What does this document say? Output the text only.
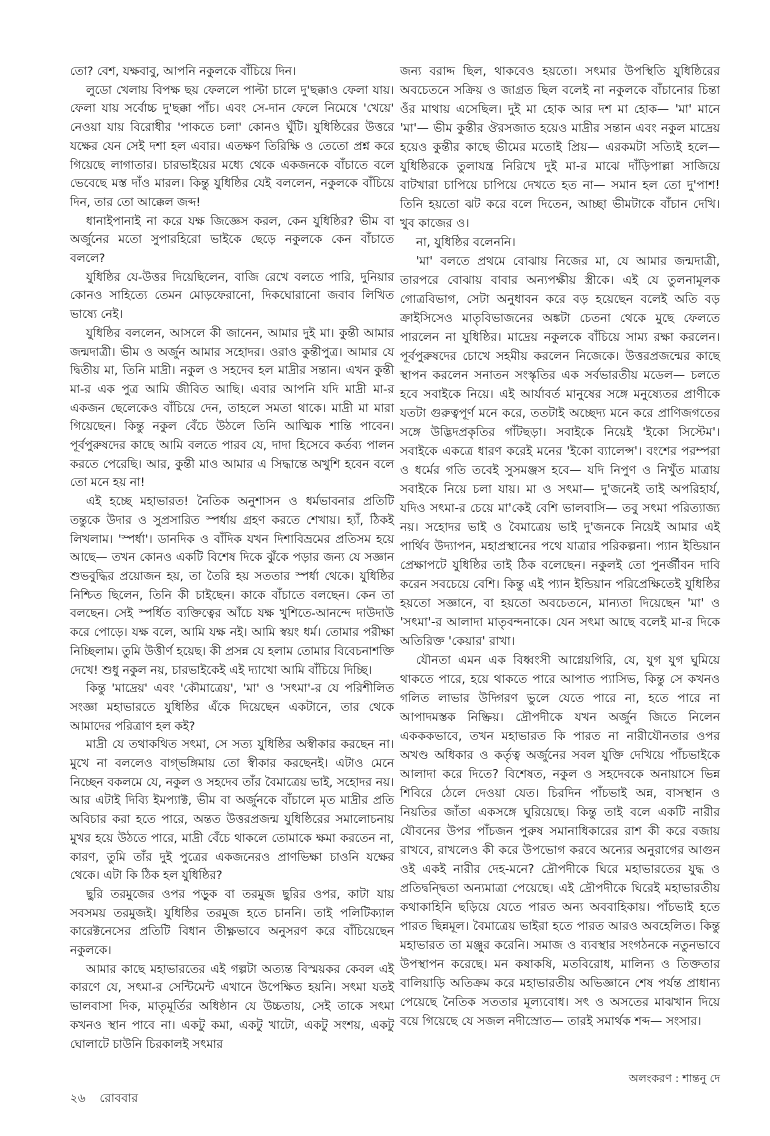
তো? বেশ, যক্ষবাবু, আপনি নকুলকে বাঁচিয়ে দিন।

লুডো খেলায় বিপক্ষ ছয় ফেললে পাল্টা চালে দু'ছক্কাও ফেলা যায়। ফেলা যায় সর্বোচ্চ দু'ছক্কা পাঁচ। এবং সে-দান ফেলে নিমেষে 'খেয়ে' নেওয়া যায় বিরোধীর 'পাকতে চলা' কোনও ঘুঁটি। যুধিষ্ঠিরের উত্তরে যক্ষের যেন সেই দশা হল এবার। এতক্ষণ তিরিক্ষি ও তেতো প্রশ্ন করে গিয়েছে লাগাতার। চারভাইয়ের মধ্যে থেকে একজনকে বাঁচাতে বলে ভেবেছে মস্ত দাঁও মারল। কিন্তু যুধিষ্ঠির যেই বললেন, নকুলকে বাঁচিয়ে দিন, তার তো আক্কেল জব্দ!

ধানাইপানাই না করে যক্ষ জিজ্ঞেস করল, কেন যুধিষ্ঠির? ভীম বা অর্জুনের মতো সুপারহিরো ভাইকে ছেড়ে নকুলকে কেন বাঁচাতে বললে?

যুধিষ্ঠির যে-উত্তর দিয়েছিলেন, বাজি রেখে বলতে পারি, দুনিয়ার কোনও সাহিত্যে তেমন মোড়ফেরানো, দিকঘোরানো জবাব লিখিত ভাষ্যে নেই।

যুধিষ্ঠির বললেন, আসলে কী জানেন, আমার দুই মা। কুন্তী আমার জন্মদাত্রী। ভীম ও অর্জুন আমার সহোদর। ওরাও কুন্তীপুত্র। আমার যে দ্বিতীয় মা, তিনি মাদ্রী। নকুল ও সহদেব হল মাদ্রীর সন্তান। এখন কুন্তী মা-র এক পুত্র আমি জীবিত আছি। এবার আপনি যদি মাদ্রী মা-র একজন ছেলেকেও বাঁচিয়ে দেন, তাহলে সমতা থাকে। মাদ্রী মা মারা গিয়েছেন। কিন্তু নকুল বেঁচে উঠলে তিনি আত্মিক শান্তি পাবেন। পূর্বপুরুষদের কাছে আমি বলতে পারব যে, দাদা হিসেবে কর্তব্য পালন করতে পেরেছি। আর, কুন্তী মাও আমার এ সিদ্ধান্তে অখুশি হবেন বলে তো মনে হয় না!

এই হচ্ছে মহাভারত! নৈতিক অনুশাসন ও ধর্মভাবনার প্রতিটি তন্তুকে উদার ও সুপ্রসারিত স্পর্ধায় গ্রহণ করতে শেখায়। হ্যাঁ, ঠিকই লিখলাম। 'স্পর্ধা'। ডানদিক ও বাঁদিক যখন দিশাবিভ্রমের প্রতিসম হয়ে আছে— তখন কোনও একটি বিশেষ দিকে ঝুঁকে পড়ার জন্য যে সজ্ঞান শুভবুদ্ধির প্রয়োজন হয়, তা তৈরি হয় সততার স্পর্ধা থেকে। যুধিষ্ঠির নিশ্চিত ছিলেন, তিনি কী চাইছেন। কাকে বাঁচাতে বলছেন। কেন তা বলছেন। সেই স্পর্ধিত ব্যক্তিত্বের আঁচে যক্ষ খুশিতে-আনন্দে দাউদাউ করে পোড়ে। যক্ষ বলে, আমি যক্ষ নই। আমি স্বয়ং ধর্ম। তোমার পরীক্ষা নিচ্ছিলাম। তুমি উত্তীর্ণ হয়েছ। কী প্রসন্ন যে হলাম তোমার বিবেচনাশক্তি দেখে! শুধু নকুল নয়, চারভাইকেই এই দ্যাখো আমি বাঁচিয়ে দিচ্ছি।

কিন্তু 'মাদ্রেয়' এবং 'কৌমাত্রেয়', 'মা' ও 'সৎমা'-র যে পরিশীলিত সংজ্ঞা মহাভারতে যুধিষ্ঠির এঁকে দিয়েছেন একটানে, তার থেকে আমাদের পরিত্রাণ হল কই?

মাদ্রী যে তথাকথিত সৎমা, সে সত্য যুধিষ্ঠির অস্বীকার করছেন না। মুখে না বললেও বাগ্ভঙ্গিমায় তো স্বীকার করছেনই। এটাও মেনে নিচ্ছেন বকলমে যে, নকুল ও সহদেব তাঁর বৈমাত্রেয় ভাই, সহোদর নয়। আর এটাই দিব্যি ইমপ্যাক্ট, ভীম বা অর্জুনকে বাঁচালে মৃত মাদ্রীর প্রতি অবিচার করা হতে পারে, অন্তত উত্তরপ্রজন্ম যুধিষ্ঠিরের সমালোচনায় মুখর হয়ে উঠতে পারে, মাদ্রী বেঁচে থাকলে তোমাকে ক্ষমা করতেন না, কারণ, তুমি তাঁর দুই পুত্রের একজনেরও প্রাণভিক্ষা চাওনি যক্ষের থেকে। এটা কি ঠিক হল যুধিষ্ঠির?

ছুরি তরমুজের ওপর পড়ুক বা তরমুজ ছুরির ওপর, কাটা যায় সবসময় তরমুজই। যুধিষ্ঠির তরমুজ হতে চাননি। তাই পলিটিক্যাল কারেক্টনেসের প্রতিটি বিধান তীক্ষ্ণভাবে অনুসরণ করে বাঁচিয়েছেন নকুলকে।

আমার কাছে মহাভারতের এই গল্পটা অত্যন্ত বিস্ময়কর কেবল এই কারণে যে, সৎমা-র সেন্টিমেন্ট এখানে উপেক্ষিত হয়নি। সৎমা যতই ভালবাসা দিক, মাতৃমূর্তির অধিষ্ঠান যে উচ্চতায়, সেই তাকে সৎমা কখনও স্থান পাবে না। একটু কমা, একটু খাটো, একটু সংশয়, একটু ঘোলাটে চাউনি চিরকালই সৎমার

জন্য বরাদ্দ ছিল, থাকবেও হয়তো। সৎমার উপস্থিতি যুধিষ্ঠিরের অবচেতনে সক্রিয় ও জাগ্রত ছিল বলেই না নকুলকে বাঁচানোর চিন্তা ওঁর মাথায় এসেছিল। দুই মা হোক আর দশ মা হোক— 'মা' মানে 'মা'— ভীম কুন্তীর ঔরসজাত হয়েও মাদ্রীর সন্তান এবং নকুল মাদ্রেয় হয়েও কুন্তীর কাছে ভীমের মতোই প্রিয়— এরকমটা সত্যিই হলে— যুধিষ্ঠিরকে তুলাযন্ত্র নিরিখে দুই মা-র মাঝে দাঁড়িপাল্লা সাজিয়ে বাটখারা চাপিয়ে চাপিয়ে দেখতে হত না— সমান হল তো দু'পাশ! তিনি হয়তো ঝট করে বলে দিতেন, আচ্ছা ভীমটাকে বাঁচান দেখি। খুব কাজের ও।

না, যুধিষ্ঠির বলেননি।

'মা' বলতে প্রথমে বোঝায় নিজের মা, যে আমার জন্মদাত্রী, তারপরে বোঝায় বাবার অন্যপক্ষীয় স্ত্রীকে। এই যে তুলনামূলক গোত্রবিভাগ, সেটা অনুধাবন করে বড় হয়েছেন বলেই অতি বড় ক্রাইসিসেও মাতৃবিভাজনের অঙ্কটা চেতনা থেকে মুছে ফেলতে পারলেন না যুধিষ্ঠির। মাদ্রেয় নকুলকে বাঁচিয়ে সাম্য রক্ষা করলেন। পূর্বপুরুষদের চোখে সহমীয় করলেন নিজেকে। উত্তরপ্রজন্মের কাছে স্থাপন করলেন সনাতন সংস্কৃতির এক সর্বভারতীয় মডেল— চলতে হবে সবাইকে নিয়ে। এই আর্যাবর্ত মানুষের সঙ্গে মনুষ্যেতর প্রাণীকে যতটা গুরুত্বপূর্ণ মনে করে, ততটাই অচ্ছেদ্য মনে করে প্রাণিজগতের সঙ্গে উদ্ভিদপ্রকৃতির গাঁটছড়া। সবাইকে নিয়েই 'ইকো সিস্টেম'। সবাইকে একত্রে ধারণ করেই মনের 'ইকো ব্যালেন্স'। বংশের পরম্পরা ও ধর্মের গতি তবেই সুসমঞ্জস হবে— যদি নিপুণ ও নিখুঁত মাত্রায় সবাইকে নিয়ে চলা যায়। মা ও সৎমা— দু'জনেই তাই অপরিহার্য, যদিও সৎমা-র চেয়ে মা'কেই বেশি ভালবাসি— তবু সৎমা পরিত্যাজ্য নয়। সহোদর ভাই ও বৈমাত্রেয় ভাই দু'জনকে নিয়েই আমার এই পার্থিব উদ্যাপন, মহাপ্রস্থানের পথে যাত্রার পরিকল্পনা। প্যান ইন্ডিয়ান প্রেক্ষাপটে যুধিষ্ঠির তাই ঠিক বলেছেন। নকুলই তো পুনর্জীবন দাবি করেন সবচেয়ে বেশি। কিন্তু এই প্যান ইন্ডিয়ান পরিপ্রেক্ষিতেই যুধিষ্ঠির হয়তো সজ্ঞানে, বা হয়তো অবচেতনে, মান্যতা দিয়েছেন 'মা' ও 'সৎমা'-র আলাদা মাতৃবন্দনাকে। যেন সৎমা আছে বলেই মা-র দিকে অতিরিক্ত 'কেয়ার' রাখা।

যৌনতা এমন এক বিধ্বংসী আগ্নেয়গিরি, যে, যুগ যুগ ঘুমিয়ে থাকতে পারে, হয়ে থাকতে পারে আপাত প্যাসিভ, কিন্তু সে কখনও গলিত লাভার উদ্গিরণ ভুলে যেতে পারে না, হতে পারে না আপাদমস্তক নিষ্ক্রিয়। দ্রৌপদীকে যখন অর্জুন জিতে নিলেন একককভাবে, তখন মহাভারত কি পারত না নারীযৌনতার ওপর অখণ্ড অধিকার ও কর্তৃত্ব অর্জুনের সবল যুক্তি দেখিয়ে পাঁচভাইকে আলাদা করে দিতে? বিশেষত, নকুল ও সহদেবকে অনায়াসে ভিন্ন শিবিরে ঠেলে দেওয়া যেত। চিরদিন পাঁচভাই অন্ন, বাসস্থান ও নিয়তির জাঁতা একসঙ্গে ঘুরিয়েছে। কিন্তু তাই বলে একটি নারীর যৌবনের উপর পাঁচজন পুরুষ সমানাধিকারের রাশ কী করে বজায় রাখবে, রাখলেও কী করে উপভোগ করবে অন্যের অনুরাগের আগুন ওই একই নারীর দেহ-মনে? দ্রৌপদীকে ঘিরে মহাভারতের যুদ্ধ ও প্রতিদ্বন্দ্বিতা অন্যমাত্রা পেয়েছে। এই দ্রৌপদীকে ঘিরেই মহাভারতীয় কথাকাহিনি ছড়িয়ে যেতে পারত অন্য অববাহিকায়। পাঁচভাই হতে পারত ছিন্নমূল। বৈমাত্রেয় ভাইরা হতে পারত আরও অবহেলিত। কিন্তু মহাভারত তা মঞ্জুর করেনি। সমাজ ও ব্যবস্থার সংগঠনকে নতুনভাবে উপস্থাপন করেছে। মন কষাকষি, মতবিরোধ, মালিন্য ও তিক্ততার বালিয়াড়ি অতিক্রম করে মহাভারতীয় অভিজ্ঞানে শেষ পর্যন্ত প্রাধান্য পেয়েছে নৈতিক সততার মূল্যবোধ। সৎ ও অসতের মাঝখান দিয়ে বয়ে গিয়েছে যে সজল নদীস্রোত— তারই সমার্থক শব্দ— সংসার।

অলংকরণ : শান্তনু দে
২৬ রোববার
